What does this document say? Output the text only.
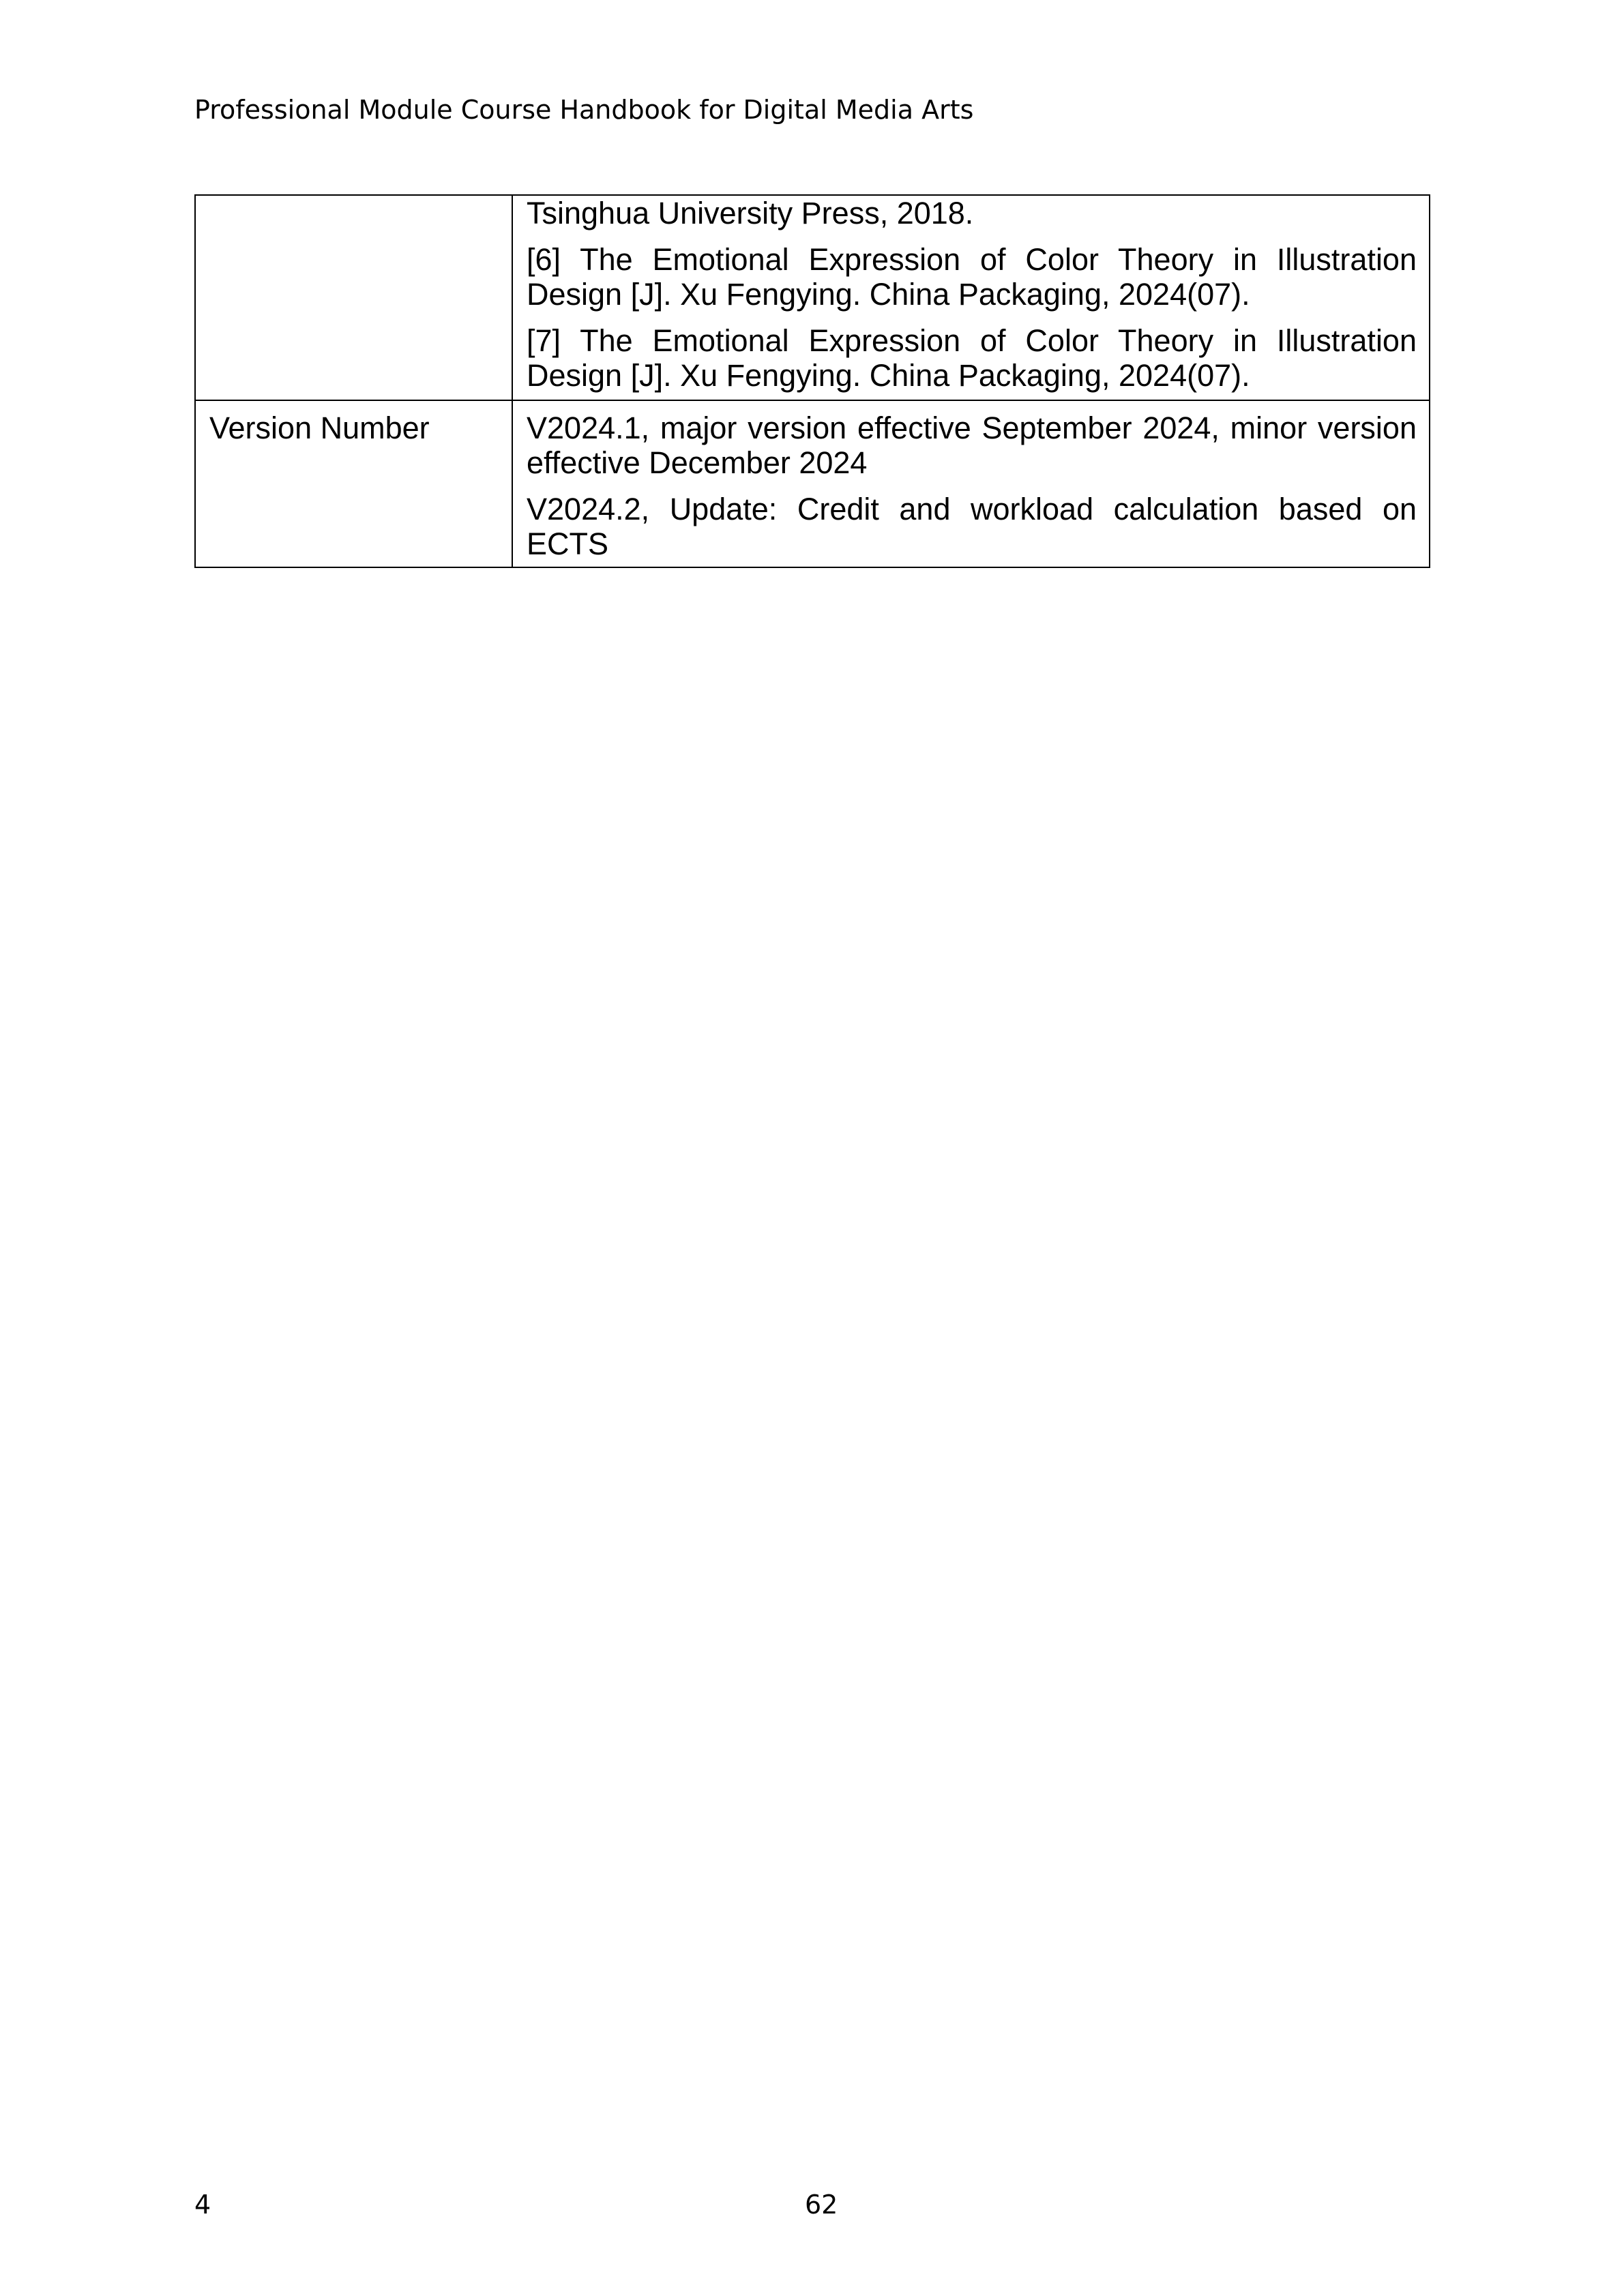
Professional Module Course Handbook for Digital Media Arts

	Tsinghua University Press, 2018.

[6] The Emotional Expression of Color Theory in Illustration Design [J]. Xu Fengying. China Packaging, 2024(07).

[7] The Emotional Expression of Color Theory in Illustration Design [J]. Xu Fengying. China Packaging, 2024(07).

Version Number	V2024.1, major version effective September 2024, minor version effective December 2024

V2024.2, Update: Credit and workload calculation based on ECTS

4	62
